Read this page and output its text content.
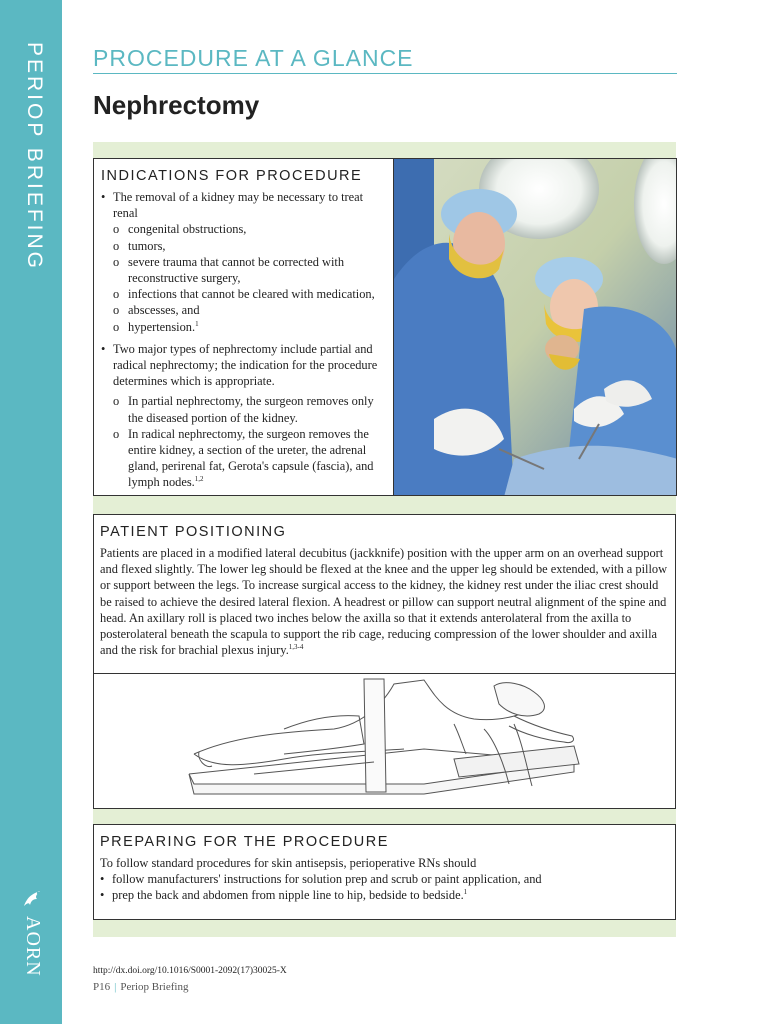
PERIOP BRIEFING
AORN
PROCEDURE AT A GLANCE
Nephrectomy
INDICATIONS FOR PROCEDURE
• The removal of a kidney may be necessary to treat renal
o congenital obstructions,
o tumors,
o severe trauma that cannot be corrected with reconstructive surgery,
o infections that cannot be cleared with medication,
o abscesses, and
o hypertension.$^1$
• Two major types of nephrectomy include partial and radical nephrectomy; the indication for the procedure determines which is appropriate.
o In partial nephrectomy, the surgeon removes only the diseased portion of the kidney.
o In radical nephrectomy, the surgeon removes the entire kidney, a section of the ureter, the adrenal gland, perirenal fat, Gerota's capsule (fascia), and lymph nodes.$^{1,2}$
PATIENT POSITIONING
Patients are placed in a modified lateral decubitus (jackknife) position with the upper arm on an overhead support and flexed slightly. The lower leg should be flexed at the knee and the upper leg should be extended, with a pillow or support between the legs. To increase surgical access to the kidney, the kidney rest under the iliac crest should be raised to achieve the desired lateral flexion. A headrest or pillow can support neutral alignment of the spine and head. An axillary roll is placed two inches below the axilla so that it extends anterolateral from the axilla to posterolateral beneath the scapula to support the rib cage, reducing compression of the lower shoulder and axilla and the risk for brachial plexus injury.$^{1,3-4}$
PREPARING FOR THE PROCEDURE
To follow standard procedures for skin antisepsis, perioperative RNs should
• follow manufacturers' instructions for solution prep and scrub or paint application, and
• prep the back and abdomen from nipple line to hip, bedside to bedside.$^1$
http://dx.doi.org/10.1016/S0001-2092(17)30025-X
P16 | Periop Briefing
